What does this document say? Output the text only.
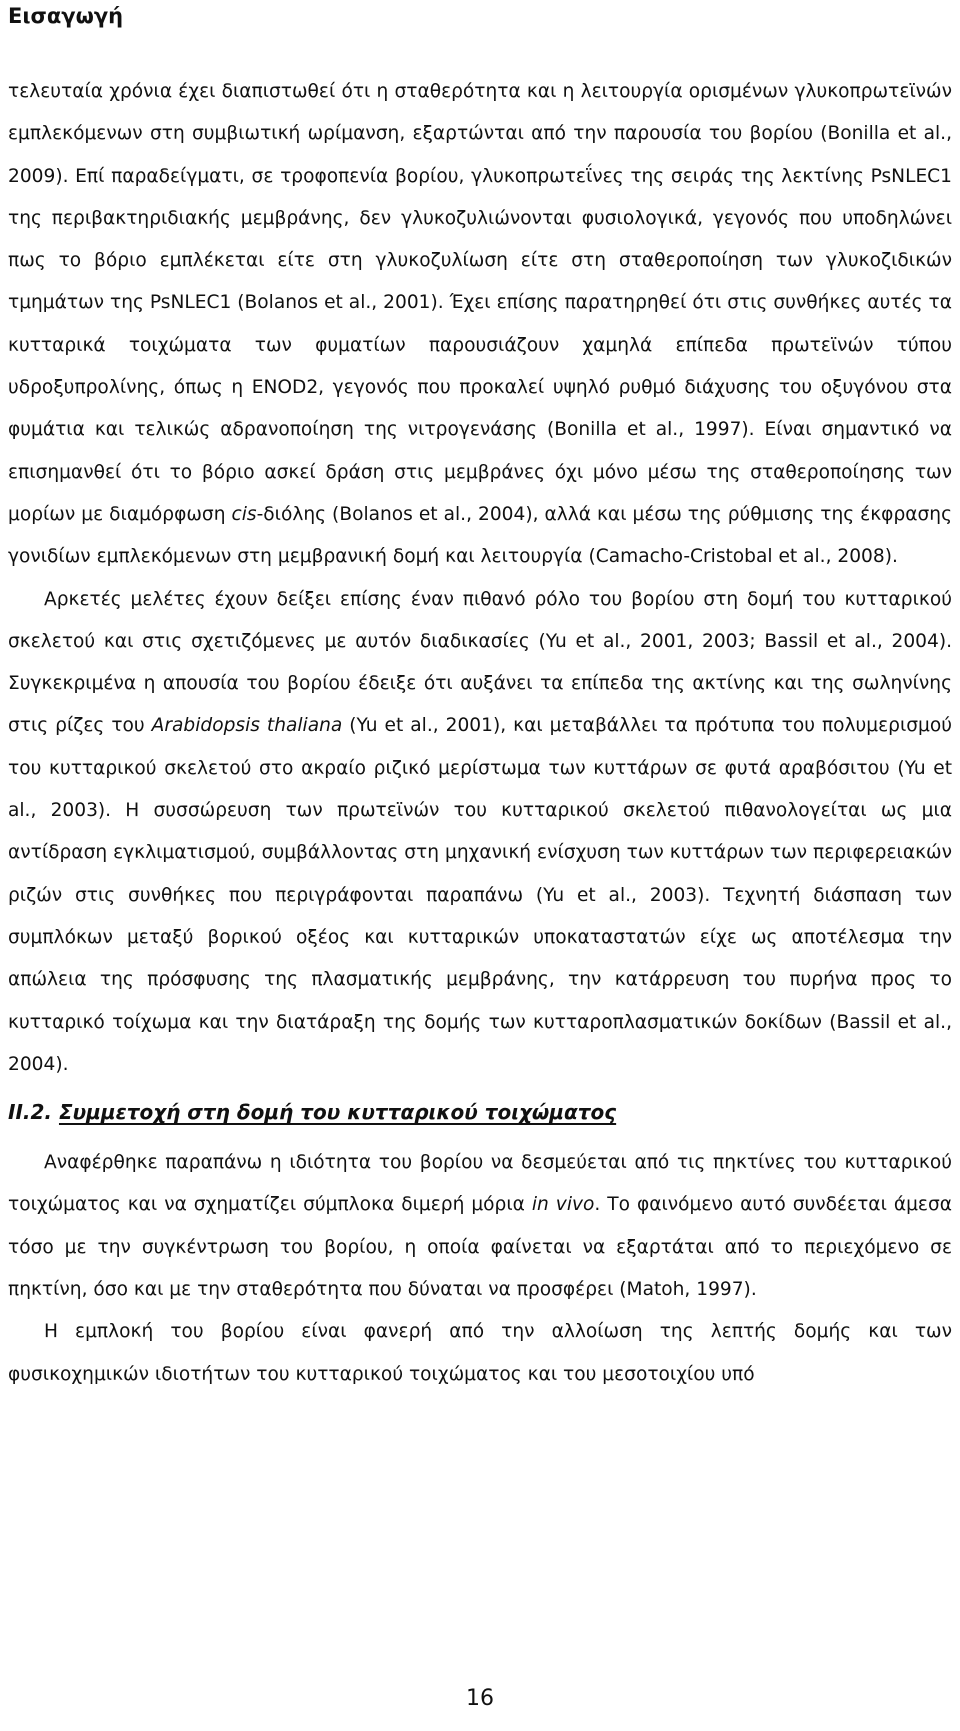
Εισαγωγή

τελευταία χρόνια έχει διαπιστωθεί ότι η σταθερότητα και η λειτουργία ορισμένων γλυκοπρωτεϊνών εμπλεκόμενων στη συμβιωτική ωρίμανση, εξαρτώνται από την παρουσία του βορίου (Bonilla et al., 2009). Επί παραδείγματι, σε τροφοπενία βορίου, γλυκοπρωτεΐνες της σειράς της λεκτίνης PsNLEC1 της περιβακτηριδιακής μεμβράνης, δεν γλυκοζυλιώνονται φυσιολογικά, γεγονός που υποδηλώνει πως το βόριο εμπλέκεται είτε στη γλυκοζυλίωση είτε στη σταθεροποίηση των γλυκοζιδικών τμημάτων της PsNLEC1 (Bolanos et al., 2001). Έχει επίσης παρατηρηθεί ότι στις συνθήκες αυτές τα κυτταρικά τοιχώματα των φυματίων παρουσιάζουν χαμηλά επίπεδα πρωτεϊνών τύπου υδροξυπρολίνης, όπως η ENOD2, γεγονός που προκαλεί υψηλό ρυθμό διάχυσης του οξυγόνου στα φυμάτια και τελικώς αδρανοποίηση της νιτρογενάσης (Bonilla et al., 1997). Είναι σημαντικό να επισημανθεί ότι το βόριο ασκεί δράση στις μεμβράνες όχι μόνο μέσω της σταθεροποίησης των μορίων με διαμόρφωση cis-διόλης (Bolanos et al., 2004), αλλά και μέσω της ρύθμισης της έκφρασης γονιδίων εμπλεκόμενων στη μεμβρανική δομή και λειτουργία (Camacho-Cristobal et al., 2008).

Αρκετές μελέτες έχουν δείξει επίσης έναν πιθανό ρόλο του βορίου στη δομή του κυτταρικού σκελετού και στις σχετιζόμενες με αυτόν διαδικασίες (Yu et al., 2001, 2003; Bassil et al., 2004). Συγκεκριμένα η απουσία του βορίου έδειξε ότι αυξάνει τα επίπεδα της ακτίνης και της σωληνίνης στις ρίζες του Arabidopsis thaliana (Yu et al., 2001), και μεταβάλλει τα πρότυπα του πολυμερισμού του κυτταρικού σκελετού στο ακραίο ριζικό μερίστωμα των κυττάρων σε φυτά αραβόσιτου (Yu et al., 2003). Η συσσώρευση των πρωτεϊνών του κυτταρικού σκελετού πιθανολογείται ως μια αντίδραση εγκλιματισμού, συμβάλλοντας στη μηχανική ενίσχυση των κυττάρων των περιφερειακών ριζών στις συνθήκες που περιγράφονται παραπάνω (Yu et al., 2003). Τεχνητή διάσπαση των συμπλόκων μεταξύ βορικού οξέος και κυτταρικών υποκαταστατών είχε ως αποτέλεσμα την απώλεια της πρόσφυσης της πλασματικής μεμβράνης, την κατάρρευση του πυρήνα προς το κυτταρικό τοίχωμα και την διατάραξη της δομής των κυτταροπλασματικών δοκίδων (Bassil et al., 2004).

II.2. Συμμετοχή στη δομή του κυτταρικού τοιχώματος

Αναφέρθηκε παραπάνω η ιδιότητα του βορίου να δεσμεύεται από τις πηκτίνες του κυτταρικού τοιχώματος και να σχηματίζει σύμπλοκα διμερή μόρια in vivo. Το φαινόμενο αυτό συνδέεται άμεσα τόσο με την συγκέντρωση του βορίου, η οποία φαίνεται να εξαρτάται από το περιεχόμενο σε πηκτίνη, όσο και με την σταθερότητα που δύναται να προσφέρει (Matoh, 1997).

Η εμπλοκή του βορίου είναι φανερή από την αλλοίωση της λεπτής δομής και των φυσικοχημικών ιδιοτήτων του κυτταρικού τοιχώματος και του μεσοτοιχίου υπό

16
